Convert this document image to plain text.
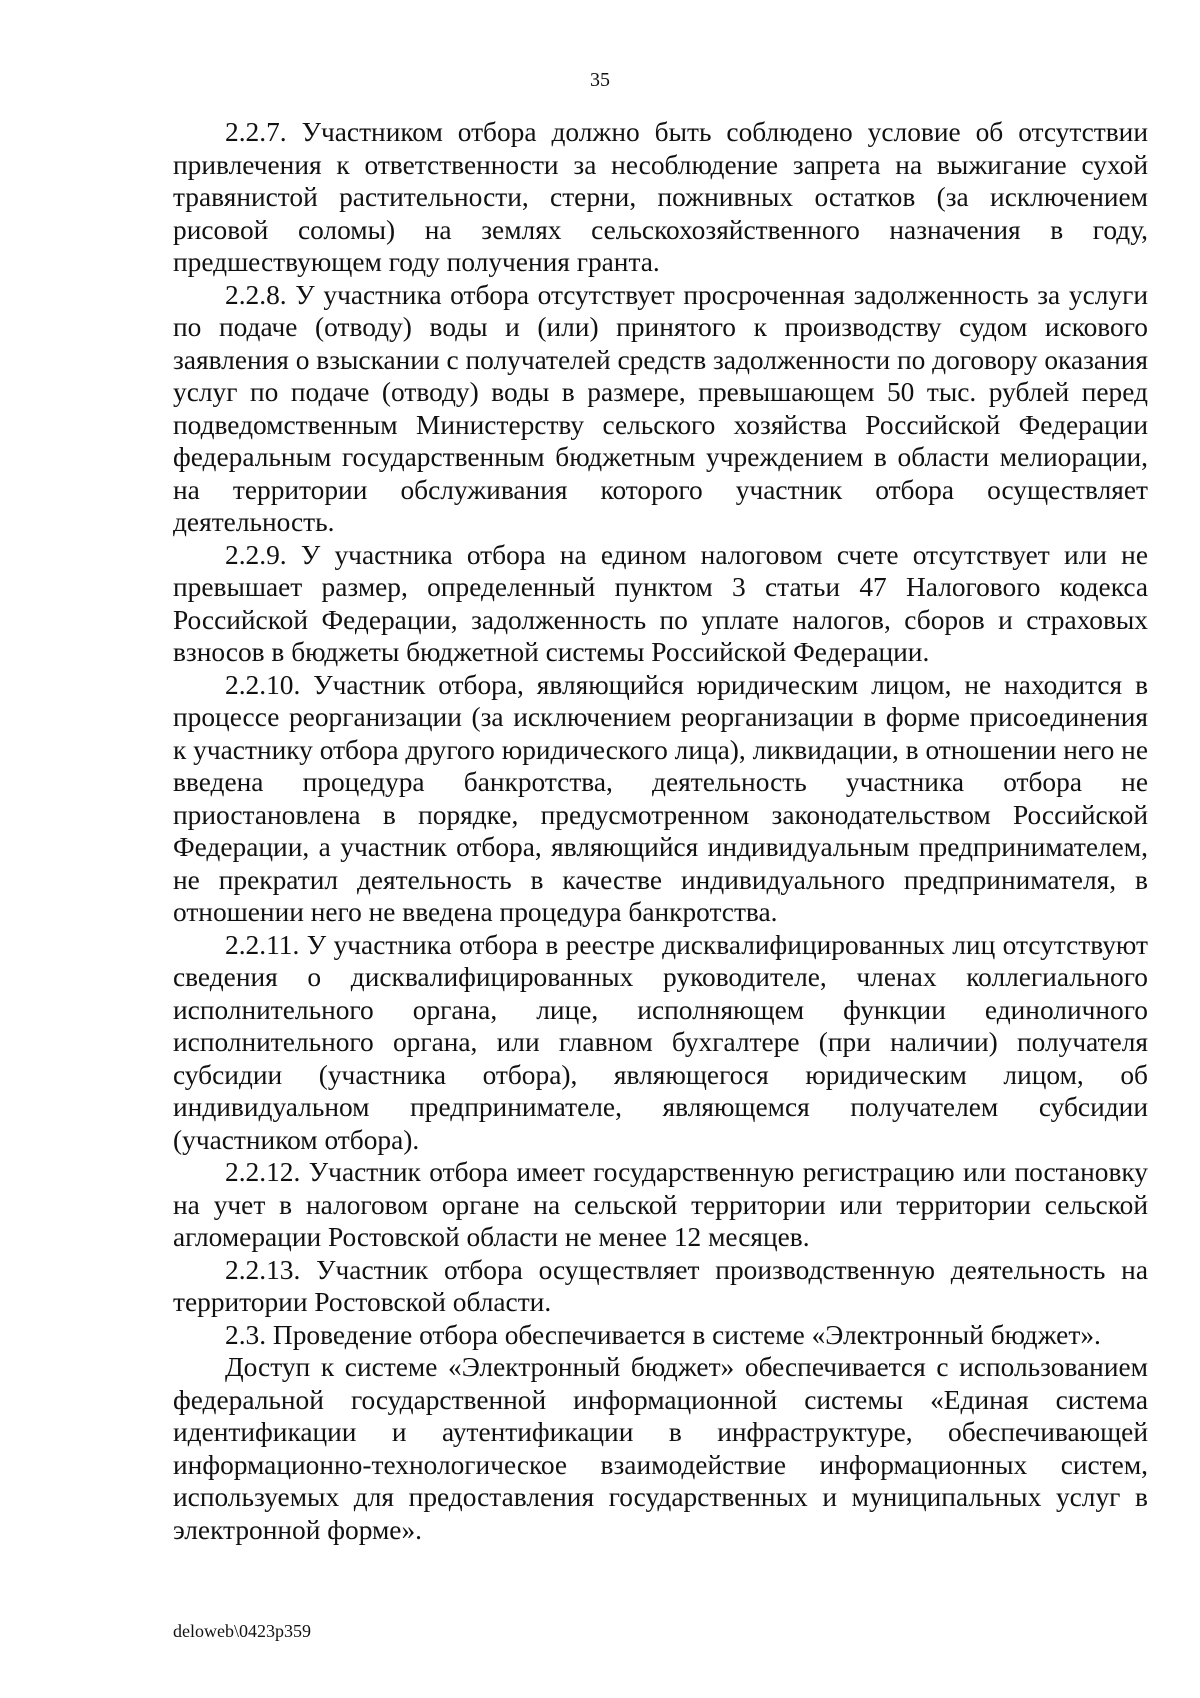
35

2.2.7. Участником отбора должно быть соблюдено условие об отсутствии привлечения к ответственности за несоблюдение запрета на выжигание сухой травянистой растительности, стерни, пожнивных остатков (за исключением рисовой соломы) на землях сельскохозяйственного назначения в году, предшествующем году получения гранта.

2.2.8. У участника отбора отсутствует просроченная задолженность за услуги по подаче (отводу) воды и (или) принятого к производству судом искового заявления о взыскании с получателей средств задолженности по договору оказания услуг по подаче (отводу) воды в размере, превышающем 50 тыс. рублей перед подведомственным Министерству сельского хозяйства Российской Федерации федеральным государственным бюджетным учреждением в области мелиорации, на территории обслуживания которого участник отбора осуществляет деятельность.

2.2.9. У участника отбора на едином налоговом счете отсутствует или не превышает размер, определенный пунктом 3 статьи 47 Налогового кодекса Российской Федерации, задолженность по уплате налогов, сборов и страховых взносов в бюджеты бюджетной системы Российской Федерации.

2.2.10. Участник отбора, являющийся юридическим лицом, не находится в процессе реорганизации (за исключением реорганизации в форме присоединения к участнику отбора другого юридического лица), ликвидации, в отношении него не введена процедура банкротства, деятельность участника отбора не приостановлена в порядке, предусмотренном законодательством Российской Федерации, а участник отбора, являющийся индивидуальным предпринимателем, не прекратил деятельность в качестве индивидуального предпринимателя, в отношении него не введена процедура банкротства.

2.2.11. У участника отбора в реестре дисквалифицированных лиц отсутствуют сведения о дисквалифицированных руководителе, членах коллегиального исполнительного органа, лице, исполняющем функции единоличного исполнительного органа, или главном бухгалтере (при наличии) получателя субсидии (участника отбора), являющегося юридическим лицом, об индивидуальном предпринимателе, являющемся получателем субсидии (участником отбора).

2.2.12. Участник отбора имеет государственную регистрацию или постановку на учет в налоговом органе на сельской территории или территории сельской агломерации Ростовской области не менее 12 месяцев.

2.2.13. Участник отбора осуществляет производственную деятельность на территории Ростовской области.

2.3. Проведение отбора обеспечивается в системе «Электронный бюджет».

Доступ к системе «Электронный бюджет» обеспечивается с использованием федеральной государственной информационной системы «Единая система идентификации и аутентификации в инфраструктуре, обеспечивающей информационно-технологическое взаимодействие информационных систем, используемых для предоставления государственных и муниципальных услуг в электронной форме».

deloweb\0423p359
